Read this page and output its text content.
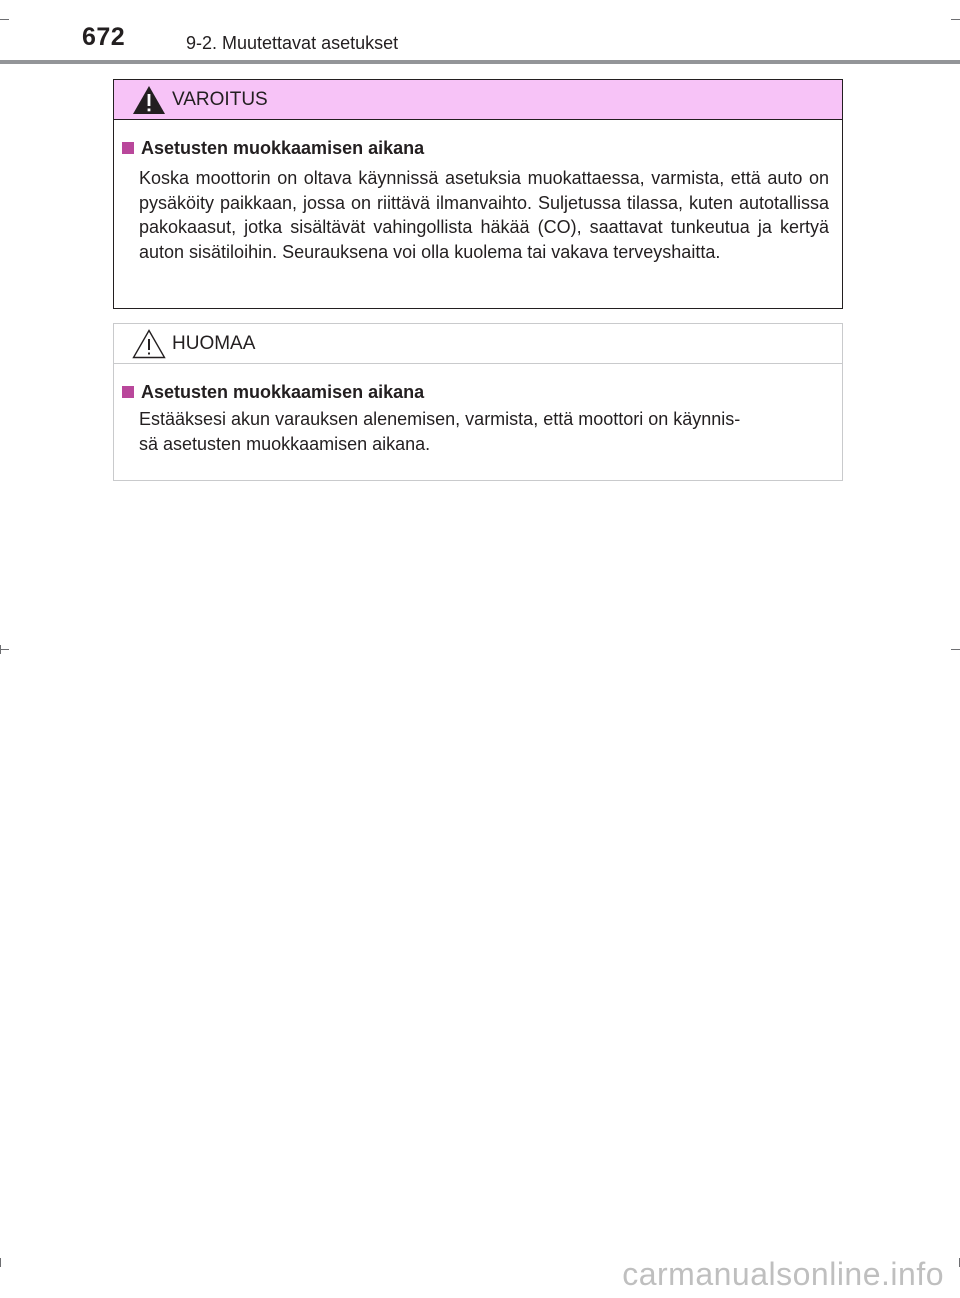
672	9-2. Muutettavat asetukset
VAROITUS
Asetusten muokkaamisen aikana
Koska moottorin on oltava käynnissä asetuksia muokattaessa, varmista, että auto on pysäköity paikkaan, jossa on riittävä ilmanvaihto. Suljetussa tilassa, kuten autotallissa pakokaasut, jotka sisältävät vahingollista häkää (CO), saattavat tunkeutua ja kertyä auton sisätiloihin. Seurauksena voi olla kuolema tai vakava terveyshaitta.
HUOMAA
Asetusten muokkaamisen aikana
Estääksesi akun varauksen alenemisen, varmista, että moottori on käynnis-
sä asetusten muokkaamisen aikana.
carmanualsonline.info
